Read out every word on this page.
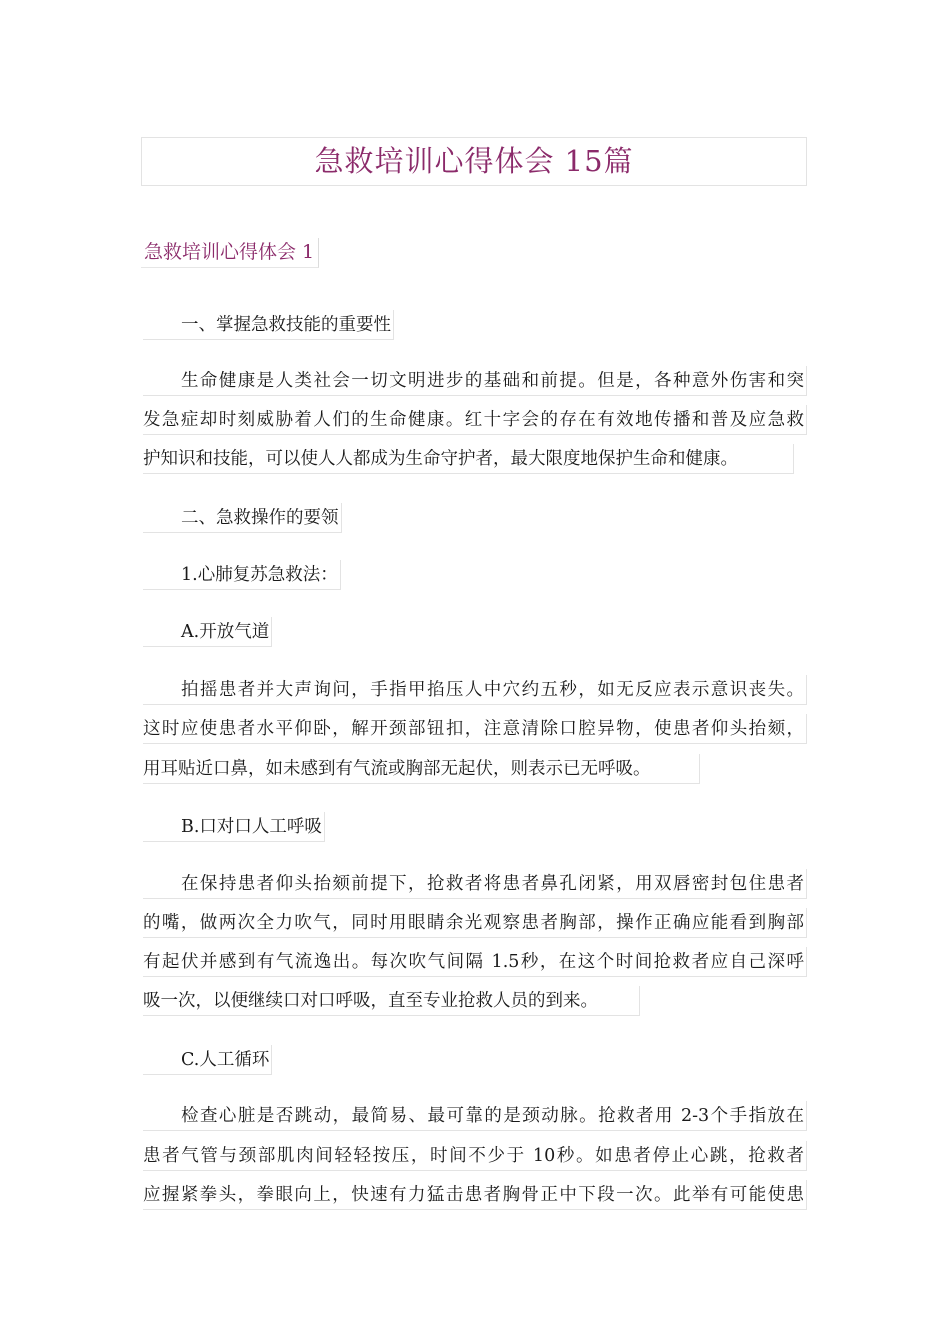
急救培训心得体会 15篇
急救培训心得体会 1
一、掌握急救技能的重要性
生命健康是人类社会一切文明进步的基础和前提。但是，各种意外伤害和突
发急症却时刻威胁着人们的生命健康。红十字会的存在有效地传播和普及应急救
护知识和技能，可以使人人都成为生命守护者，最大限度地保护生命和健康。
二、急救操作的要领
1.心肺复苏急救法：
A.开放气道
拍摇患者并大声询问，手指甲掐压人中穴约五秒，如无反应表示意识丧失。
这时应使患者水平仰卧，解开颈部钮扣，注意清除口腔异物，使患者仰头抬颏，
用耳贴近口鼻，如未感到有气流或胸部无起伏，则表示已无呼吸。
B.口对口人工呼吸
在保持患者仰头抬颏前提下，抢救者将患者鼻孔闭紧，用双唇密封包住患者
的嘴，做两次全力吹气，同时用眼睛余光观察患者胸部，操作正确应能看到胸部
有起伏并感到有气流逸出。每次吹气间隔 1.5秒，在这个时间抢救者应自己深呼
吸一次，以便继续口对口呼吸，直至专业抢救人员的到来。
C.人工循环
检查心脏是否跳动，最简易、最可靠的是颈动脉。抢救者用 2-3个手指放在
患者气管与颈部肌肉间轻轻按压，时间不少于 10秒。如患者停止心跳，抢救者
应握紧拳头，拳眼向上，快速有力猛击患者胸骨正中下段一次。此举有可能使患
